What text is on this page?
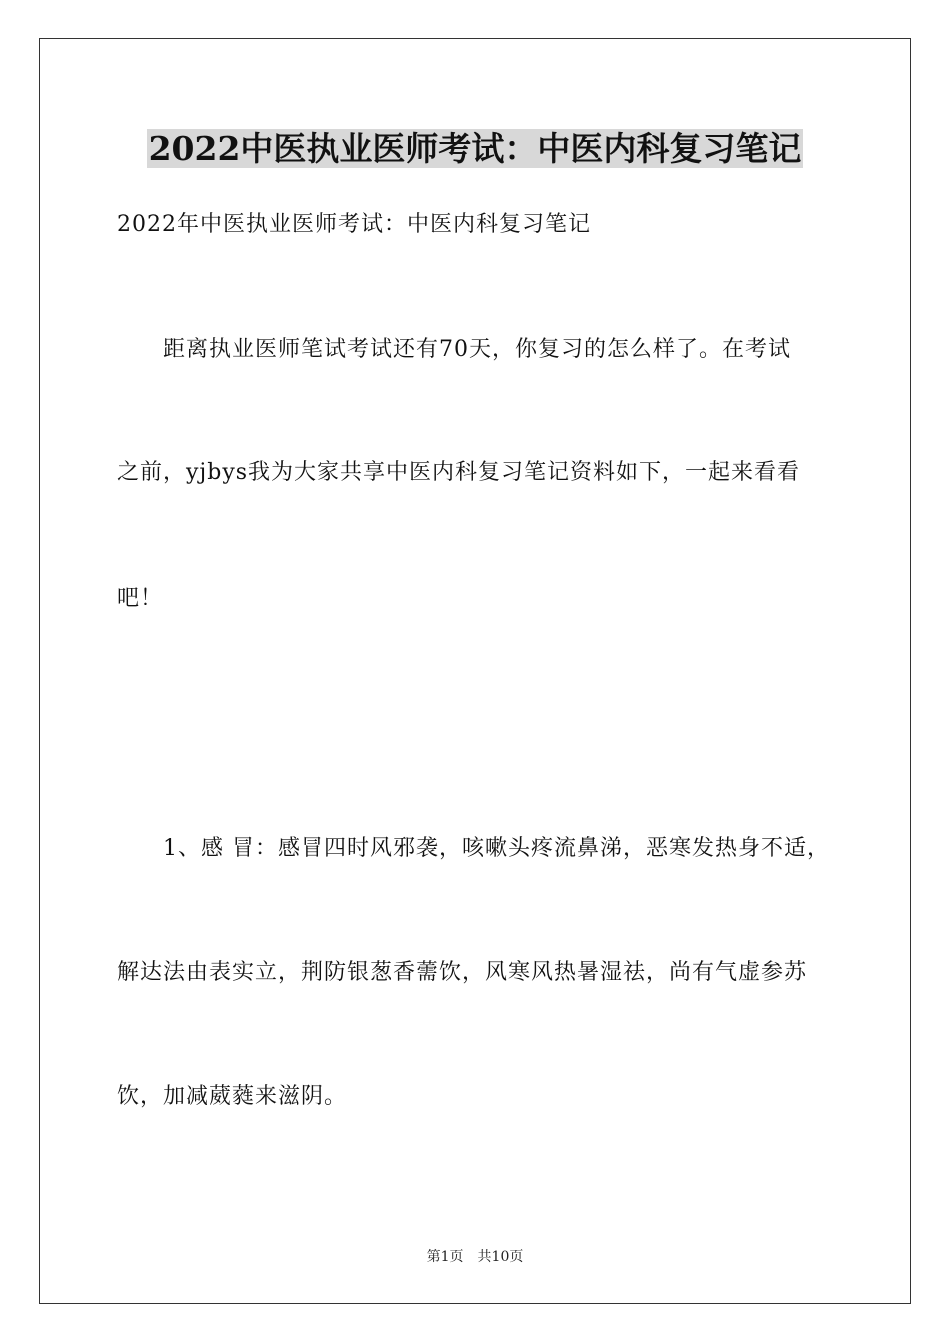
2022中医执业医师考试：中医内科复习笔记
2022年中医执业医师考试：中医内科复习笔记
距离执业医师笔试考试还有70天，你复习的怎么样了。在考试
之前，yjbys我为大家共享中医内科复习笔记资料如下，一起来看看
吧！
1、感 冒：感冒四时风邪袭，咳嗽头疼流鼻涕，恶寒发热身不适，
解达法由表实立，荆防银葱香薷饮，风寒风热暑湿祛，尚有气虚参苏
饮，加减葳蕤来滋阴。
第1页 共10页
